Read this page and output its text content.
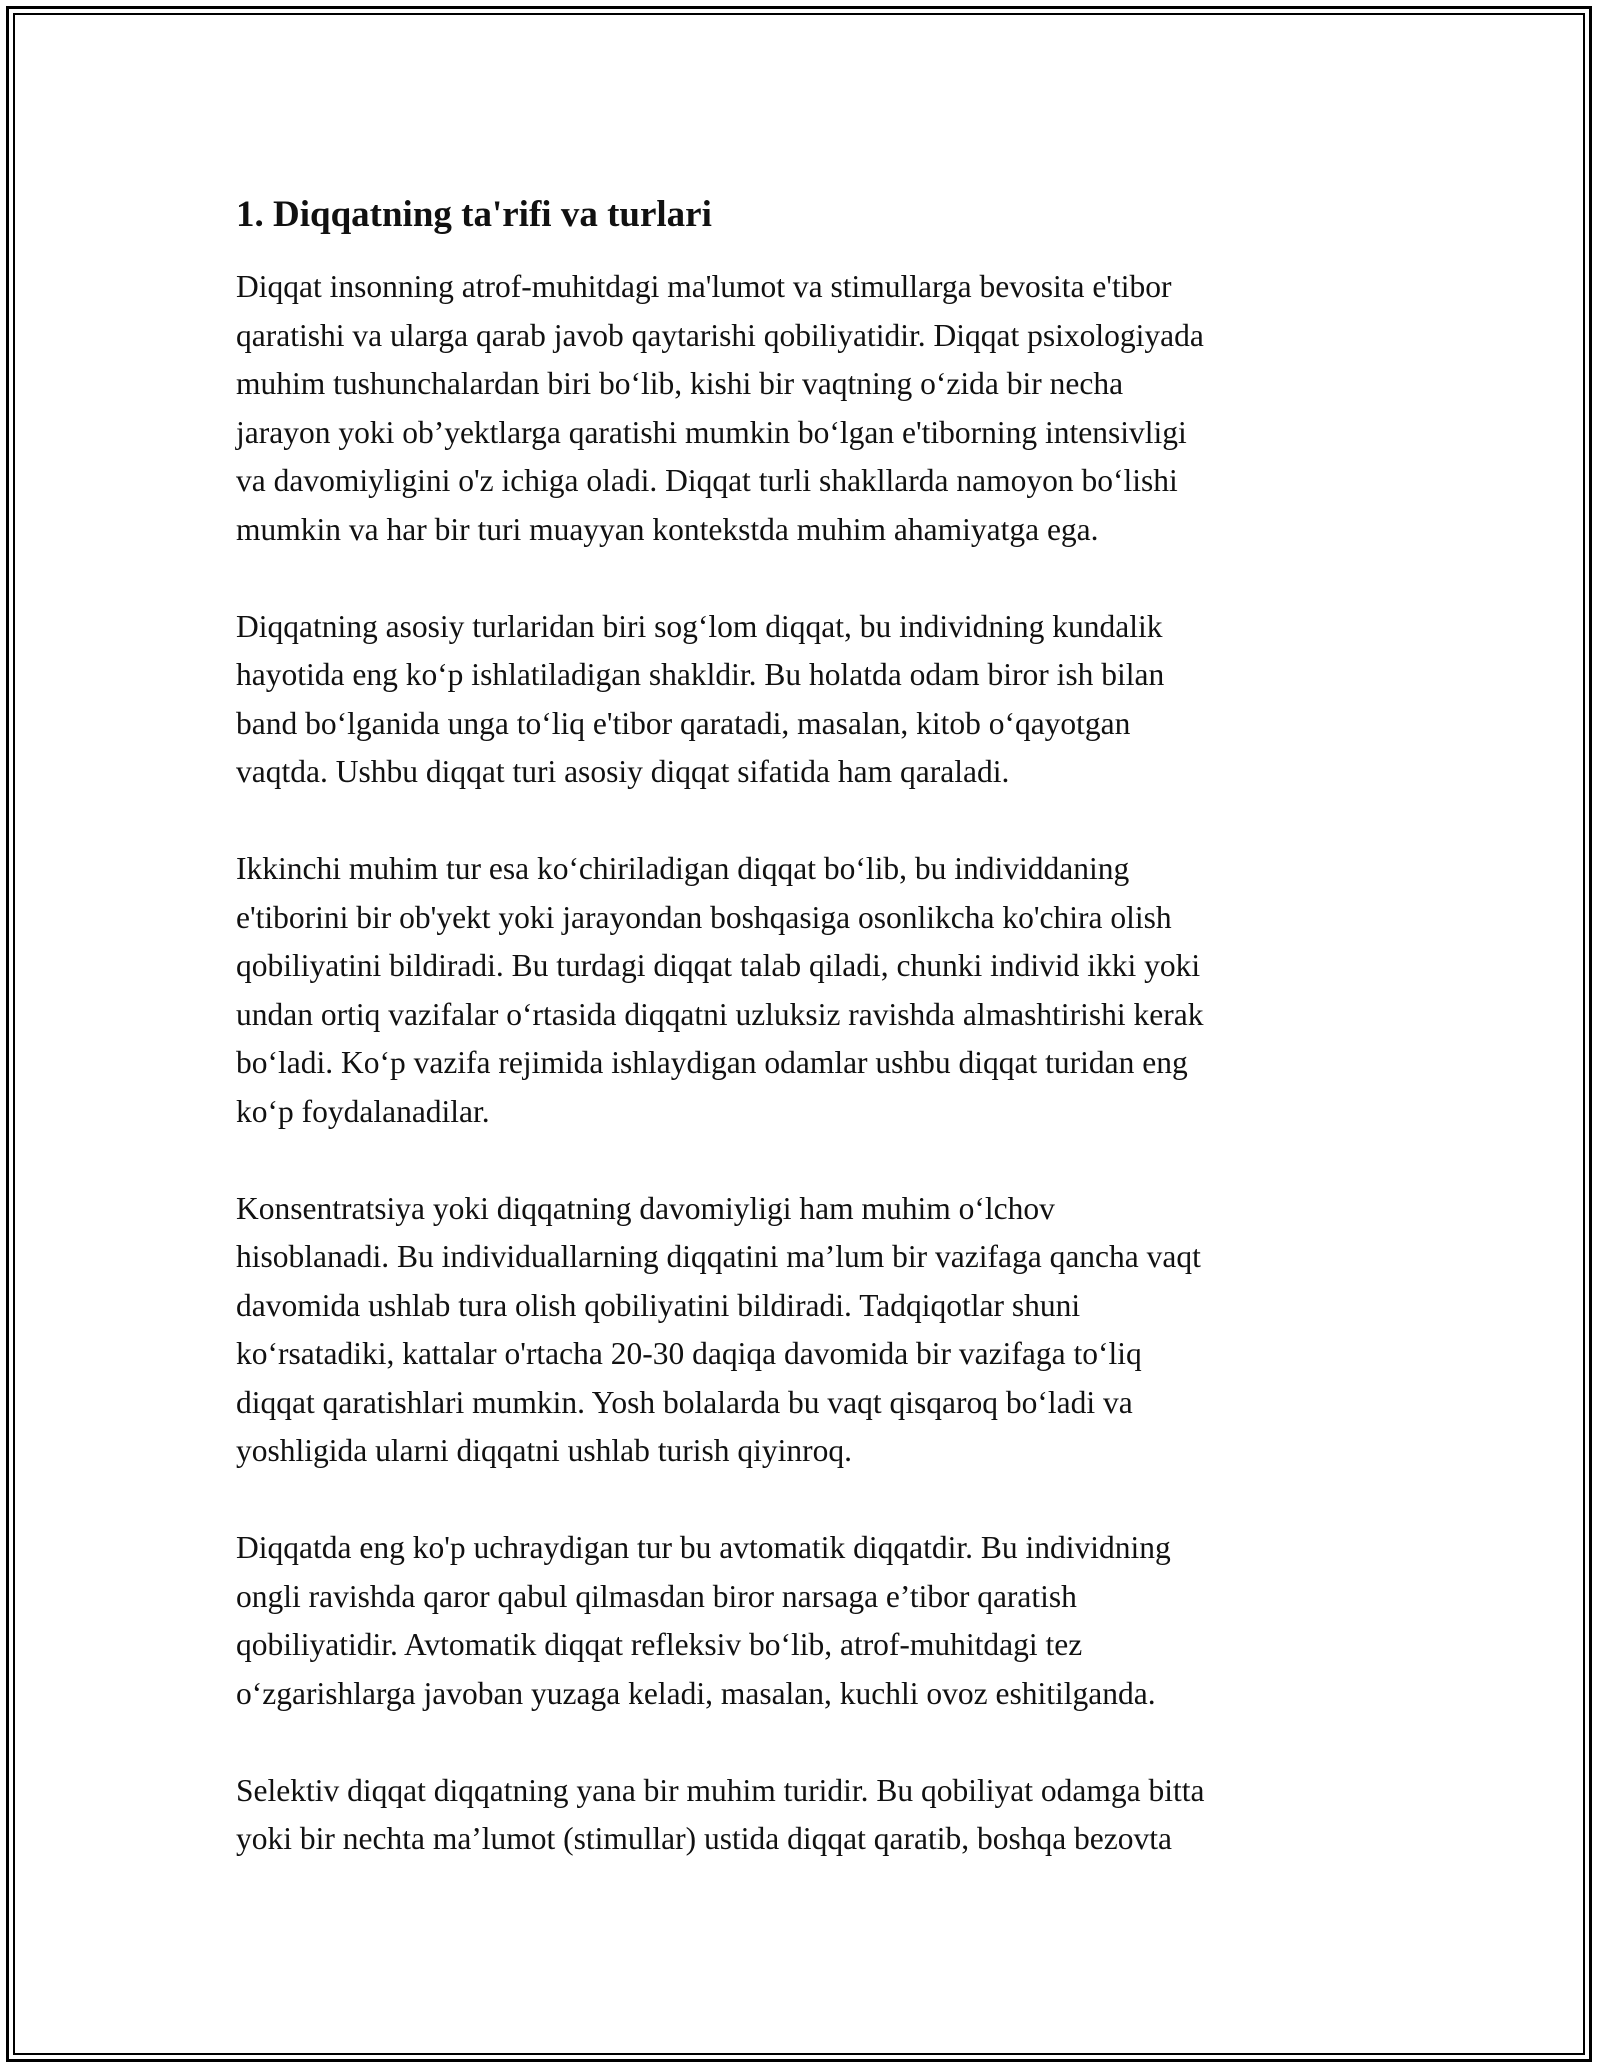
1. Diqqatning ta'rifi va turlari

Diqqat insonning atrof-muhitdagi ma'lumot va stimullarga bevosita e'tibor
qaratishi va ularga qarab javob qaytarishi qobiliyatidir. Diqqat psixologiyada
muhim tushunchalardan biri bo‘lib, kishi bir vaqtning o‘zida bir necha
jarayon yoki ob’yektlarga qaratishi mumkin bo‘lgan e'tiborning intensivligi
va davomiyligini o'z ichiga oladi. Diqqat turli shakllarda namoyon bo‘lishi
mumkin va har bir turi muayyan kontekstda muhim ahamiyatga ega.

Diqqatning asosiy turlaridan biri sog‘lom diqqat, bu individning kundalik
hayotida eng ko‘p ishlatiladigan shakldir. Bu holatda odam biror ish bilan
band bo‘lganida unga to‘liq e'tibor qaratadi, masalan, kitob o‘qayotgan
vaqtda. Ushbu diqqat turi asosiy diqqat sifatida ham qaraladi.

Ikkinchi muhim tur esa ko‘chiriladigan diqqat bo‘lib, bu individdaning
e'tiborini bir ob'yekt yoki jarayondan boshqasiga osonlikcha ko'chira olish
qobiliyatini bildiradi. Bu turdagi diqqat talab qiladi, chunki individ ikki yoki
undan ortiq vazifalar o‘rtasida diqqatni uzluksiz ravishda almashtirishi kerak
bo‘ladi. Ko‘p vazifa rejimida ishlaydigan odamlar ushbu diqqat turidan eng
ko‘p foydalanadilar.

Konsentratsiya yoki diqqatning davomiyligi ham muhim o‘lchov
hisoblanadi. Bu individuallarning diqqatini ma’lum bir vazifaga qancha vaqt
davomida ushlab tura olish qobiliyatini bildiradi. Tadqiqotlar shuni
ko‘rsatadiki, kattalar o'rtacha 20-30 daqiqa davomida bir vazifaga to‘liq
diqqat qaratishlari mumkin. Yosh bolalarda bu vaqt qisqaroq bo‘ladi va
yoshligida ularni diqqatni ushlab turish qiyinroq.

Diqqatda eng ko'p uchraydigan tur bu avtomatik diqqatdir. Bu individning
ongli ravishda qaror qabul qilmasdan biror narsaga e’tibor qaratish
qobiliyatidir. Avtomatik diqqat refleksiv bo‘lib, atrof-muhitdagi tez
o‘zgarishlarga javoban yuzaga keladi, masalan, kuchli ovoz eshitilganda.

Selektiv diqqat diqqatning yana bir muhim turidir. Bu qobiliyat odamga bitta
yoki bir nechta ma’lumot (stimullar) ustida diqqat qaratib, boshqa bezovta
